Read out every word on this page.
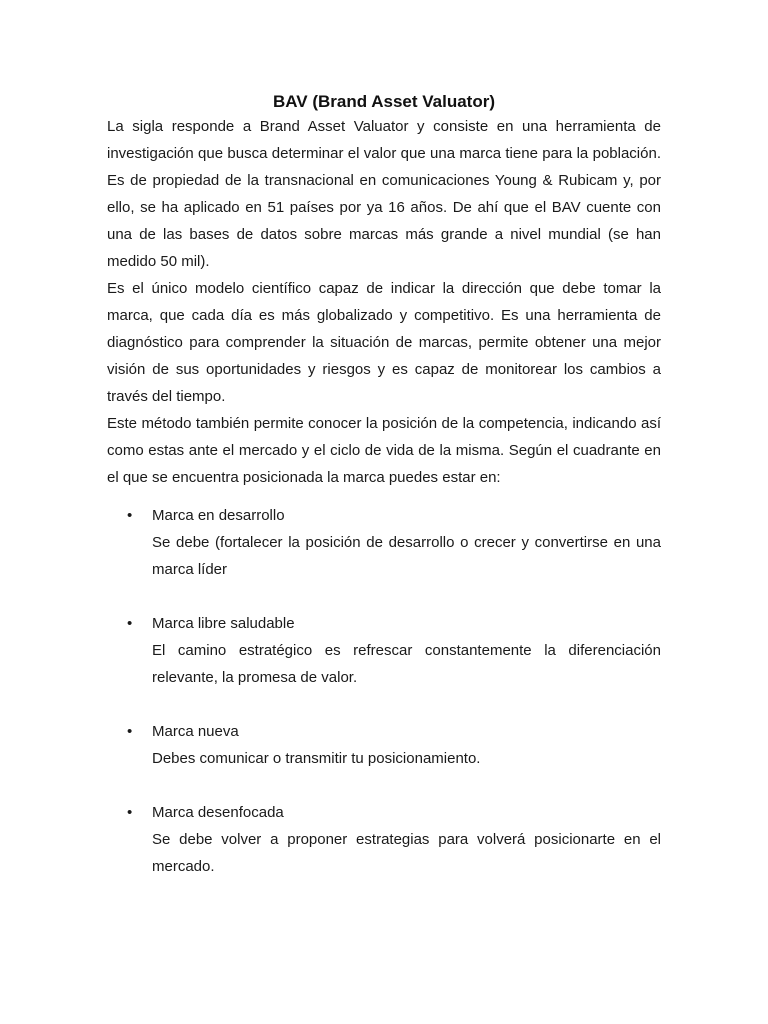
BAV (Brand Asset Valuator)

La sigla responde a Brand Asset Valuator y consiste en una herramienta de investigación que busca determinar el valor que una marca tiene para la población. Es de propiedad de la transnacional en comunicaciones Young & Rubicam y, por ello, se ha aplicado en 51 países por ya 16 años. De ahí que el BAV cuente con una de las bases de datos sobre marcas más grande a nivel mundial (se han medido 50 mil).

Es el único modelo científico capaz de indicar la dirección que debe tomar la marca, que cada día es más globalizado y competitivo. Es una herramienta de diagnóstico para comprender la situación de marcas, permite obtener una mejor visión de sus oportunidades y riesgos y es capaz de monitorear los cambios a través del tiempo.

Este método también permite conocer la posición de la competencia, indicando así como estas ante el mercado y el ciclo de vida de la misma. Según el cuadrante en el que se encuentra posicionada la marca puedes estar en:

• Marca en desarrollo
Se debe (fortalecer la posición de desarrollo o crecer y convertirse en una marca líder
• Marca libre saludable
El camino estratégico es refrescar constantemente la diferenciación relevante, la promesa de valor.
• Marca nueva
Debes comunicar o transmitir tu posicionamiento.
• Marca desenfocada
Se debe volver a proponer estrategias para volverá posicionarte en el mercado.
